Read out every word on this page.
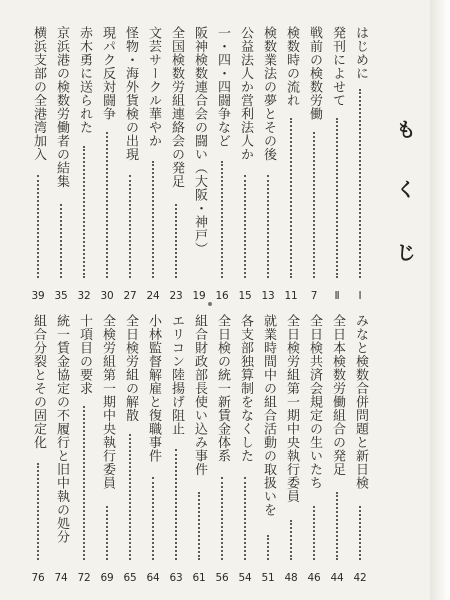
も
く
じ
はじめに
Ⅰ
発刊によせて
Ⅱ
戦前の検数労働
7
検数時の流れ
11
検数業法の夢とその後
13
公益法人か営利法人か
15
一・四・四闘争など
16
阪神検数連合会の闘い（大阪・神戸）
19
全国検数労組連絡会の発足
23
文芸サークル華やか
24
怪物・海外貨検の出現
27
現パク反対闘争
30
赤木勇に送られた
32
京浜港の検数労働者の結集
35
横浜支部の全港湾加入
39
みなと検数合併問題と新日検
42
全日本検数労働組合の発足
44
全日検共済会規定の生いたち
46
全日検労組第一期中央執行委員
48
就業時間中の組合活動の取扱いを
51
各支部独算制をなくした
54
全日検の統一新賃金体系
56
組合財政部長使い込み事件
61
エリコン陸揚げ阻止
63
小林監督解雇と復職事件
64
全日検労組の解散
65
全検労組第一期中央執行委員
69
十項目の要求
72
統一賃金協定の不履行と旧中執の処分
74
組合分裂とその固定化
76
